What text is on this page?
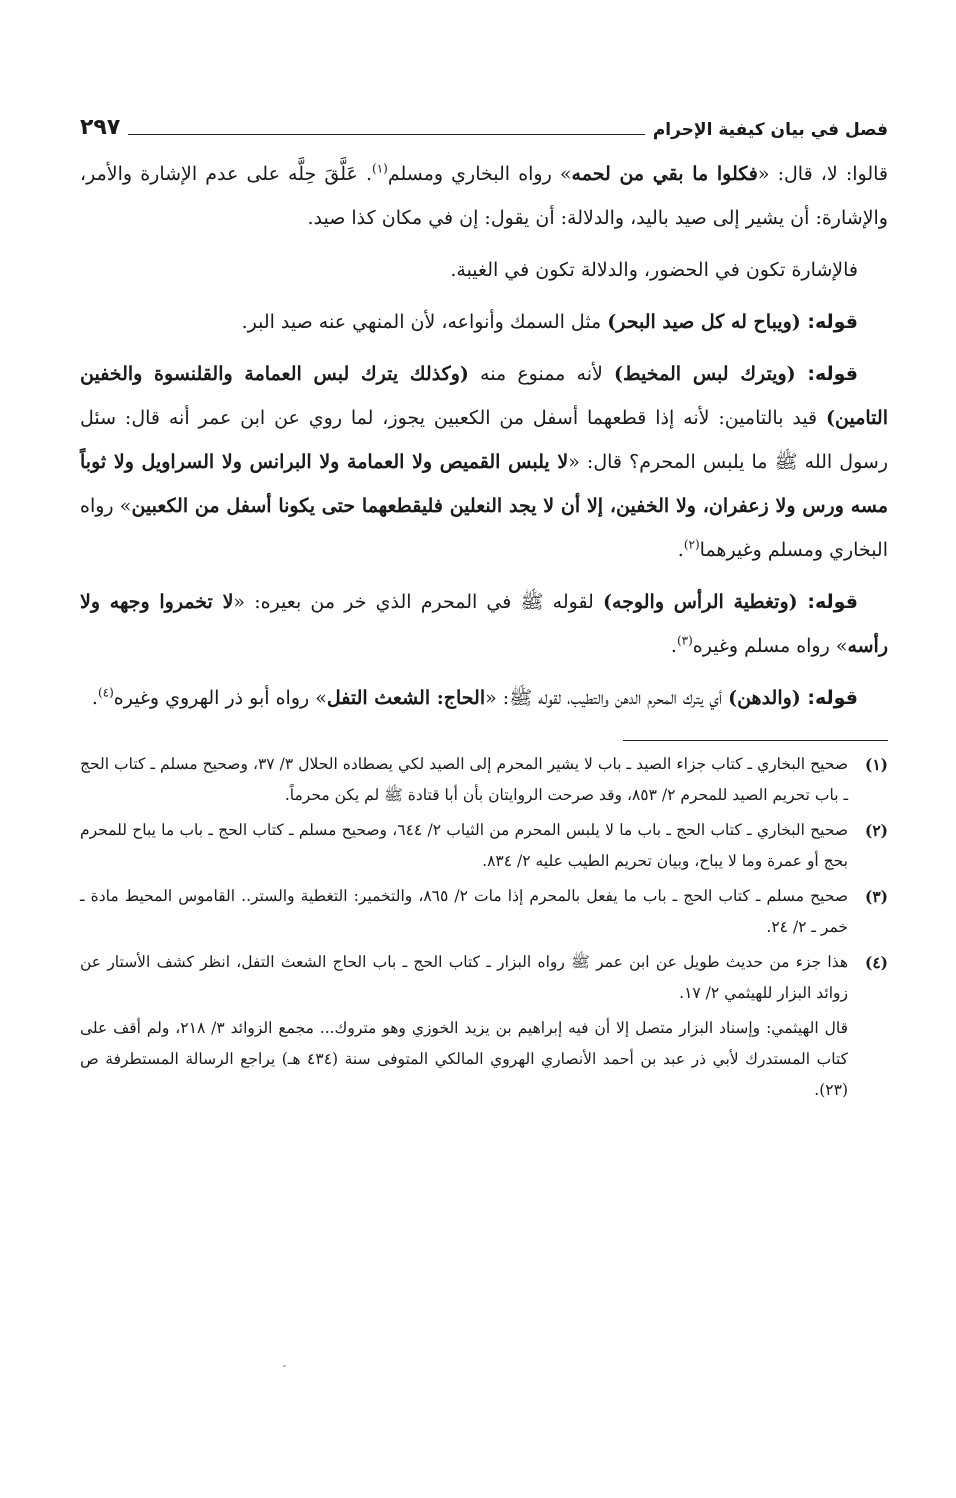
فصل في بيان كيفية الإحرام
٢٩٧

قالوا: لا، قال: «فكلوا ما بقي من لحمه» رواه البخاري ومسلم$^{(١)}$. عَلَّقَ حِلَّه على عدم الإشارة والأمر، والإشارة: أن يشير إلى صيد باليد، والدلالة: أن يقول: إن في مكان كذا صيد.

فالإشارة تكون في الحضور، والدلالة تكون في الغيبة.

قوله: (ويباح له كل صيد البحر) مثل السمك وأنواعه، لأن المنهي عنه صيد البر.

قوله: (ويترك لبس المخيط) لأنه ممنوع منه (وكذلك يترك لبس العمامة والقلنسوة والخفين التامين) قيد بالتامين: لأنه إذا قطعهما أسفل من الكعبين يجوز، لما روي عن ابن عمر أنه قال: سئل رسول الله ﷺ ما يلبس المحرم؟ قال: «لا يلبس القميص ولا العمامة ولا البرانس ولا السراويل ولا ثوباً مسه ورس ولا زعفران، ولا الخفين، إلا أن لا يجد النعلين فليقطعهما حتى يكونا أسفل من الكعبين» رواه البخاري ومسلم وغيرهما$^{(٢)}$.

قوله: (وتغطية الرأس والوجه) لقوله ﷺ في المحرم الذي خر من بعيره: «لا تخمروا وجهه ولا رأسه» رواه مسلم وغيره$^{(٣)}$.

قوله: (والدهن) أي يترك المحرم الدهن والتطيب، لقوله ﷺ: «الحاج: الشعث التفل» رواه أبو ذر الهروي وغيره$^{(٤)}$.

(١)
صحيح البخاري ـ كتاب جزاء الصيد ـ باب لا يشير المحرم إلى الصيد لكي يصطاده الحلال ٣/ ٣٧، وصحيح مسلم ـ كتاب الحج ـ باب تحريم الصيد للمحرم ٢/ ٨٥٣، وقد صرحت الروايتان بأن أبا قتادة ﷺ لم يكن محرماً.
(٢)
صحيح البخاري ـ كتاب الحج ـ باب ما لا يلبس المحرم من الثياب ٢/ ٦٤٤، وصحيح مسلم ـ كتاب الحج ـ باب ما يباح للمحرم بحج أو عمرة وما لا يباح، وبيان تحريم الطيب عليه ٢/ ٨٣٤.
(٣)
صحيح مسلم ـ كتاب الحج ـ باب ما يفعل بالمحرم إذا مات ٢/ ٨٦٥، والتخمير: التغطية والستر.. القاموس المحيط مادة ـ خمر ـ ٢/ ٢٤.
(٤)
هذا جزء من حديث طويل عن ابن عمر ﷺ رواه البزار ـ كتاب الحج ـ باب الحاج الشعث التفل، انظر كشف الأستار عن زوائد البزار للهيثمي ٢/ ١٧.
قال الهيثمي: وإسناد البزار متصل إلا أن فيه إبراهيم بن يزيد الخوزي وهو متروك... مجمع الزوائد ٣/ ٢١٨، ولم أقف على كتاب المستدرك لأبي ذر عبد بن أحمد الأنصاري الهروي المالكي المتوفى سنة (٤٣٤ هـ) يراجع الرسالة المستطرفة ص (٢٣).
